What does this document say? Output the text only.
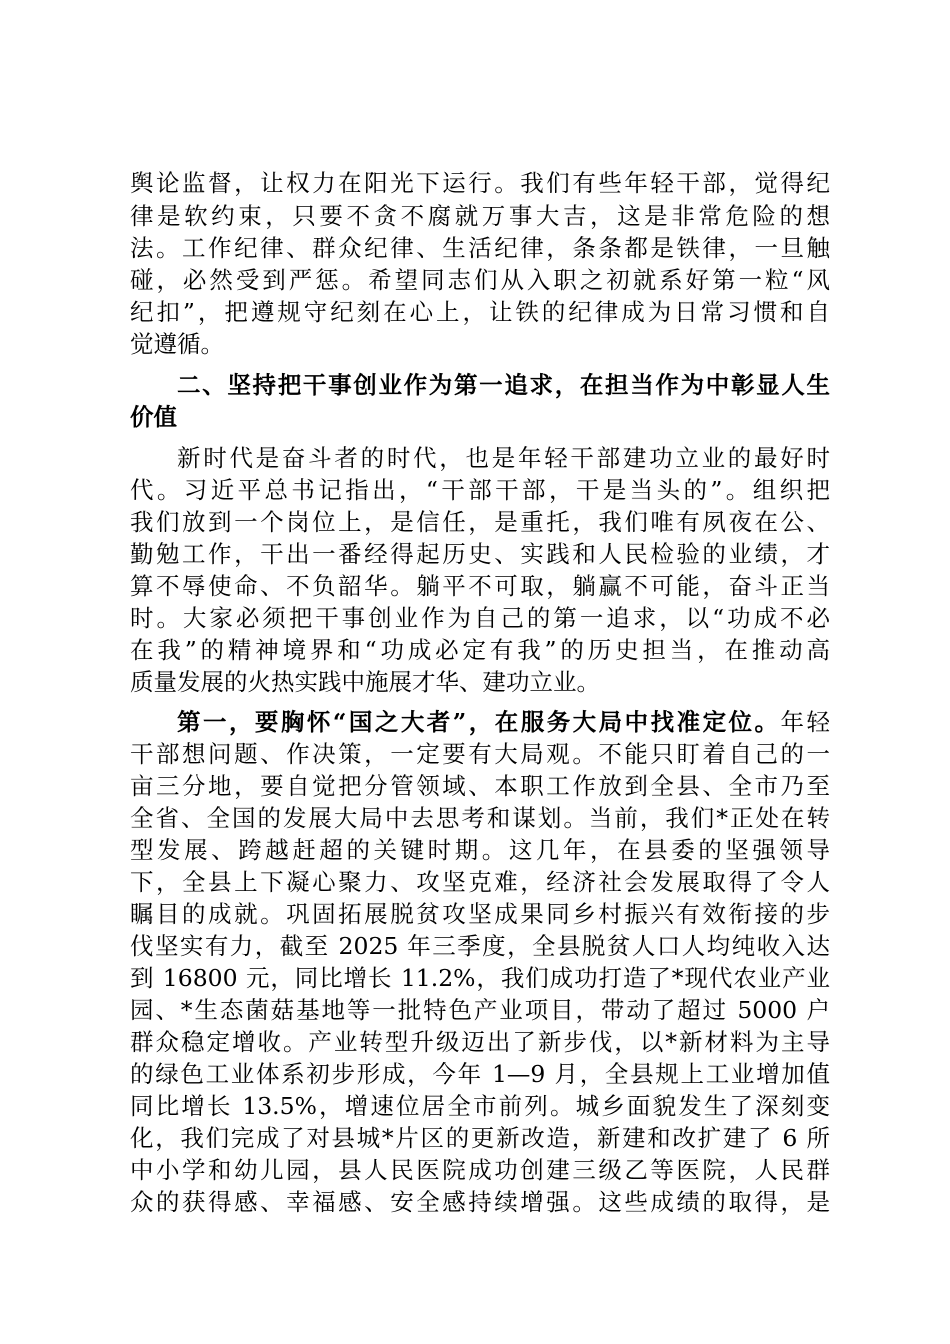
舆论监督，让权力在阳光下运行。我们有些年轻干部，觉得纪
律是软约束，只要不贪不腐就万事大吉，这是非常危险的想
法。工作纪律、群众纪律、生活纪律，条条都是铁律，一旦触
碰，必然受到严惩。希望同志们从入职之初就系好第一粒“风
纪扣”，把遵规守纪刻在心上，让铁的纪律成为日常习惯和自
觉遵循。
二、坚持把干事创业作为第一追求，在担当作为中彰显人生
价值
新时代是奋斗者的时代，也是年轻干部建功立业的最好时
代。习近平总书记指出，“干部干部，干是当头的”。组织把
我们放到一个岗位上，是信任，是重托，我们唯有夙夜在公、
勤勉工作，干出一番经得起历史、实践和人民检验的业绩，才
算不辱使命、不负韶华。躺平不可取，躺赢不可能，奋斗正当
时。大家必须把干事创业作为自己的第一追求，以“功成不必
在我”的精神境界和“功成必定有我”的历史担当，在推动高
质量发展的火热实践中施展才华、建功立业。
第一，要胸怀“国之大者”，在服务大局中找准定位。年轻
干部想问题、作决策，一定要有大局观。不能只盯着自己的一
亩三分地，要自觉把分管领域、本职工作放到全县、全市乃至
全省、全国的发展大局中去思考和谋划。当前，我们*正处在转
型发展、跨越赶超的关键时期。这几年，在县委的坚强领导
下，全县上下凝心聚力、攻坚克难，经济社会发展取得了令人
瞩目的成就。巩固拓展脱贫攻坚成果同乡村振兴有效衔接的步
伐坚实有力，截至 2025 年三季度，全县脱贫人口人均纯收入达
到 16800 元，同比增长 11.2%，我们成功打造了*现代农业产业
园、*生态菌菇基地等一批特色产业项目，带动了超过 5000 户
群众稳定增收。产业转型升级迈出了新步伐，以*新材料为主导
的绿色工业体系初步形成，今年 1—9 月，全县规上工业增加值
同比增长 13.5%，增速位居全市前列。城乡面貌发生了深刻变
化，我们完成了对县城*片区的更新改造，新建和改扩建了 6 所
中小学和幼儿园，县人民医院成功创建三级乙等医院，人民群
众的获得感、幸福感、安全感持续增强。这些成绩的取得，是
